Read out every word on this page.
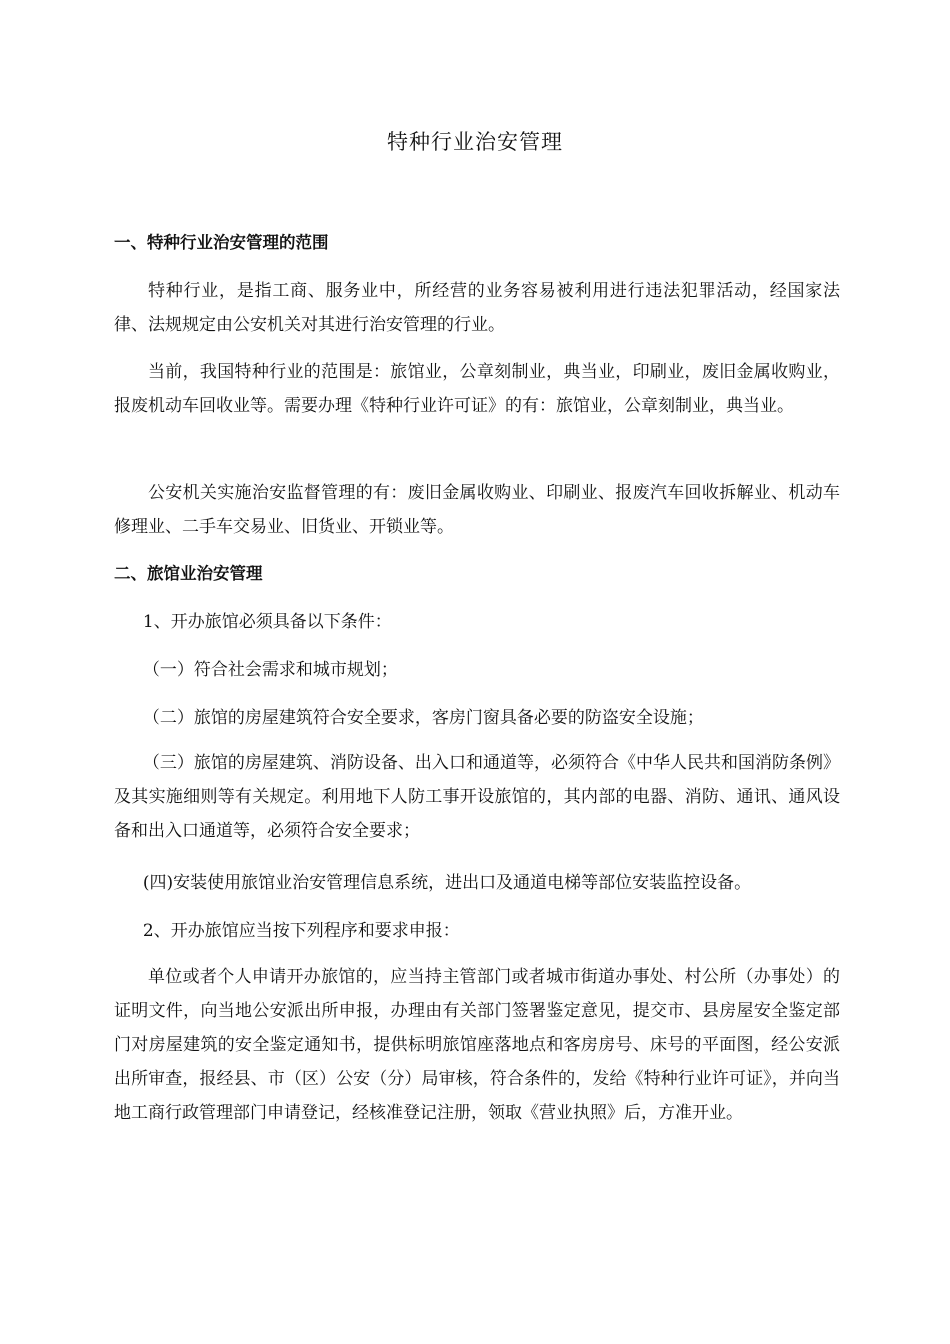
特种行业治安管理

一、特种行业治安管理的范围

特种行业，是指工商、服务业中，所经营的业务容易被利用进行违法犯罪活动，经国家法律、法规规定由公安机关对其进行治安管理的行业。

当前，我国特种行业的范围是：旅馆业，公章刻制业，典当业，印刷业，废旧金属收购业，报废机动车回收业等。需要办理《特种行业许可证》的有：旅馆业，公章刻制业，典当业。

公安机关实施治安监督管理的有：废旧金属收购业、印刷业、报废汽车回收拆解业、机动车修理业、二手车交易业、旧货业、开锁业等。

二、旅馆业治安管理

1、开办旅馆必须具备以下条件：

（一）符合社会需求和城市规划；

（二）旅馆的房屋建筑符合安全要求，客房门窗具备必要的防盗安全设施；

（三）旅馆的房屋建筑、消防设备、出入口和通道等，必须符合《中华人民共和国消防条例》及其实施细则等有关规定。利用地下人防工事开设旅馆的，其内部的电器、消防、通讯、通风设备和出入口通道等，必须符合安全要求；

(四)安装使用旅馆业治安管理信息系统，进出口及通道电梯等部位安装监控设备。

2、开办旅馆应当按下列程序和要求申报：

单位或者个人申请开办旅馆的，应当持主管部门或者城市街道办事处、村公所（办事处）的证明文件，向当地公安派出所申报，办理由有关部门签署鉴定意见，提交市、县房屋安全鉴定部门对房屋建筑的安全鉴定通知书，提供标明旅馆座落地点和客房房号、床号的平面图，经公安派出所审查，报经县、市（区）公安（分）局审核，符合条件的，发给《特种行业许可证》，并向当地工商行政管理部门申请登记，经核准登记注册，领取《营业执照》后，方准开业。
